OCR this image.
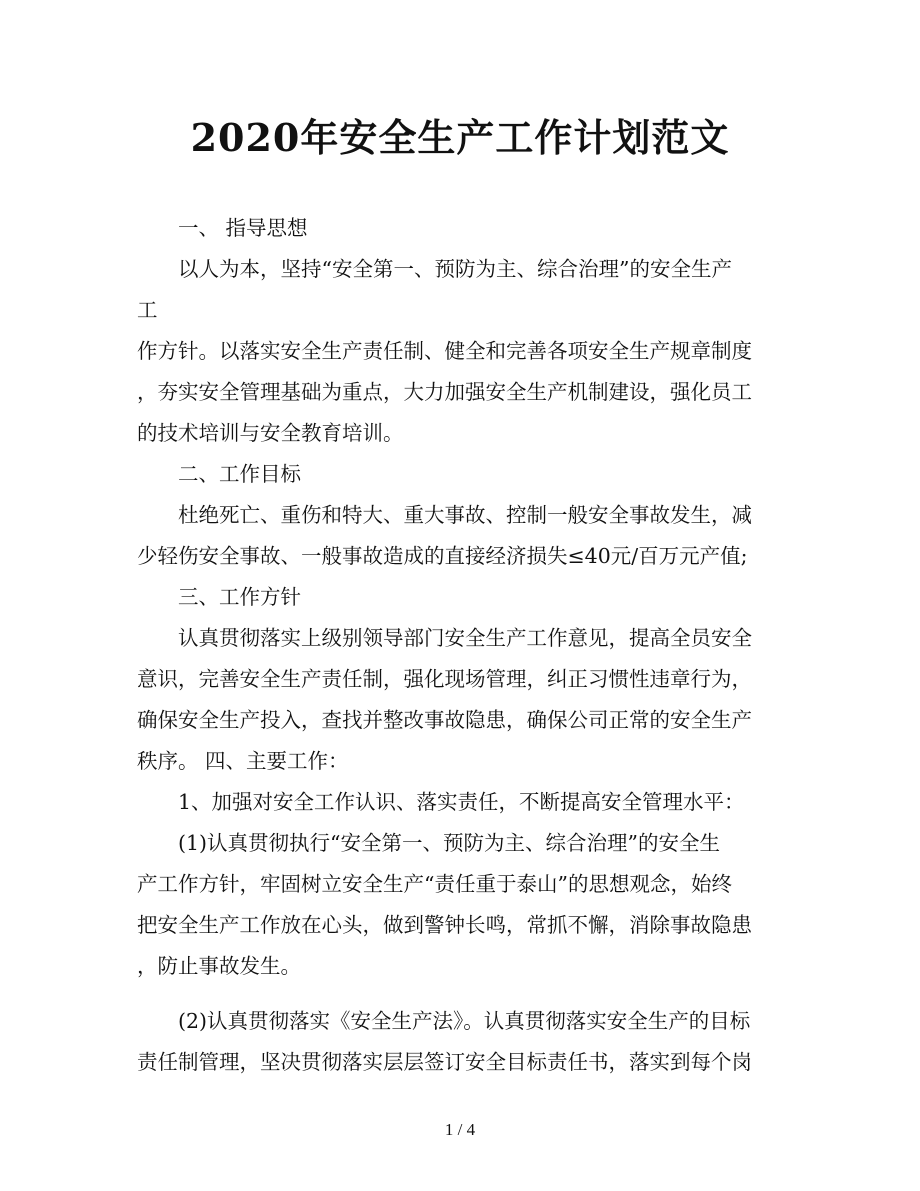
2020年安全生产工作计划范文
一、 指导思想
以人为本，坚持“安全第一、预防为主、综合治理”的安全生产
工
作方针。以落实安全生产责任制、健全和完善各项安全生产规章制度
，夯实安全管理基础为重点，大力加强安全生产机制建设，强化员工
的技术培训与安全教育培训。
二、工作目标
杜绝死亡、重伤和特大、重大事故、控制一般安全事故发生，减
少轻伤安全事故、一般事故造成的直接经济损失≤40元/百万元产值;
三、工作方针
认真贯彻落实上级别领导部门安全生产工作意见，提高全员安全
意识，完善安全生产责任制，强化现场管理，纠正习惯性违章行为，
确保安全生产投入，查找并整改事故隐患，确保公司正常的安全生产
秩序。 四、主要工作：
1、加强对安全工作认识、落实责任，不断提高安全管理水平：
(1)认真贯彻执行“安全第一、预防为主、综合治理”的安全生
产工作方针，牢固树立安全生产“责任重于泰山”的思想观念，始终
把安全生产工作放在心头，做到警钟长鸣，常抓不懈，消除事故隐患
，防止事故发生。
(2)认真贯彻落实《安全生产法》。认真贯彻落实安全生产的目标
责任制管理，坚决贯彻落实层层签订安全目标责任书，落实到每个岗
1 / 4
